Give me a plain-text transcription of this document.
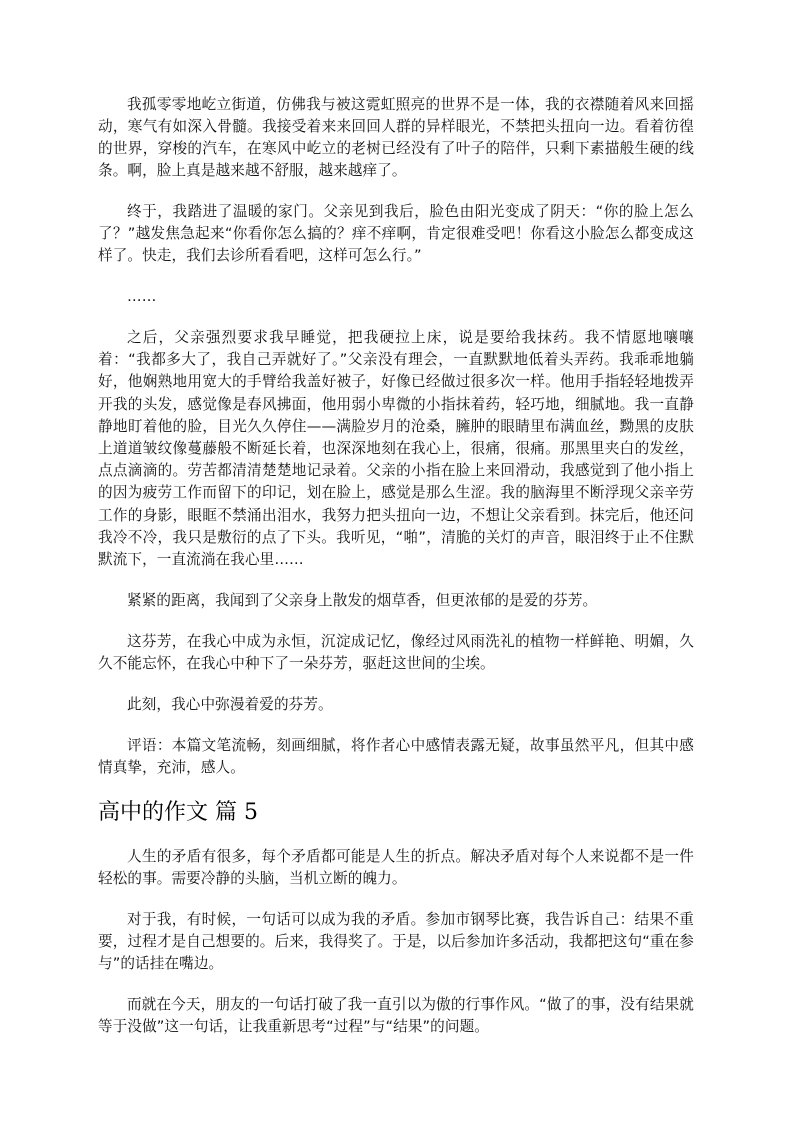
我孤零零地屹立街道，仿佛我与被这霓虹照亮的世界不是一体，我的衣襟随着风来回摇动，寒气有如深入骨髓。我接受着来来回回人群的异样眼光，不禁把头扭向一边。看着彷徨的世界，穿梭的汽车，在寒风中屹立的老树已经没有了叶子的陪伴，只剩下素描般生硬的线条。啊，脸上真是越来越不舒服，越来越痒了。

终于，我踏进了温暖的家门。父亲见到我后，脸色由阳光变成了阴天：“你的脸上怎么了？”越发焦急起来“你看你怎么搞的？痒不痒啊，肯定很难受吧！你看这小脸怎么都变成这样了。快走，我们去诊所看看吧，这样可怎么行。”

……

之后，父亲强烈要求我早睡觉，把我硬拉上床，说是要给我抹药。我不情愿地嚷嚷着：“我都多大了，我自己弄就好了。”父亲没有理会，一直默默地低着头弄药。我乖乖地躺好，他娴熟地用宽大的手臂给我盖好被子，好像已经做过很多次一样。他用手指轻轻地拨弄开我的头发，感觉像是春风拂面，他用弱小卑微的小指抹着药，轻巧地，细腻地。我一直静静地盯着他的脸，目光久久停住——满脸岁月的沧桑，臃肿的眼睛里布满血丝，黝黑的皮肤上道道皱纹像蔓藤般不断延长着，也深深地刻在我心上，很痛，很痛。那黑里夹白的发丝，点点滴滴的。劳苦都清清楚楚地记录着。父亲的小指在脸上来回滑动，我感觉到了他小指上的因为疲劳工作而留下的印记，划在脸上，感觉是那么生涩。我的脑海里不断浮现父亲辛劳工作的身影，眼眶不禁涌出泪水，我努力把头扭向一边，不想让父亲看到。抹完后，他还问我冷不冷，我只是敷衍的点了下头。我听见，“啪”，清脆的关灯的声音，眼泪终于止不住默默流下，一直流淌在我心里……

紧紧的距离，我闻到了父亲身上散发的烟草香，但更浓郁的是爱的芬芳。

这芬芳，在我心中成为永恒，沉淀成记忆，像经过风雨洗礼的植物一样鲜艳、明媚，久久不能忘怀，在我心中种下了一朵芬芳，驱赶这世间的尘埃。

此刻，我心中弥漫着爱的芬芳。

评语：本篇文笔流畅，刻画细腻，将作者心中感情表露无疑，故事虽然平凡，但其中感情真挚，充沛，感人。

高中的作文 篇 5

人生的矛盾有很多，每个矛盾都可能是人生的折点。解决矛盾对每个人来说都不是一件轻松的事。需要冷静的头脑，当机立断的魄力。

对于我，有时候，一句话可以成为我的矛盾。参加市钢琴比赛，我告诉自己：结果不重要，过程才是自己想要的。后来，我得奖了。于是，以后参加许多活动，我都把这句“重在参与”的话挂在嘴边。

而就在今天，朋友的一句话打破了我一直引以为傲的行事作风。“做了的事，没有结果就等于没做”这一句话，让我重新思考“过程”与“结果”的问题。
